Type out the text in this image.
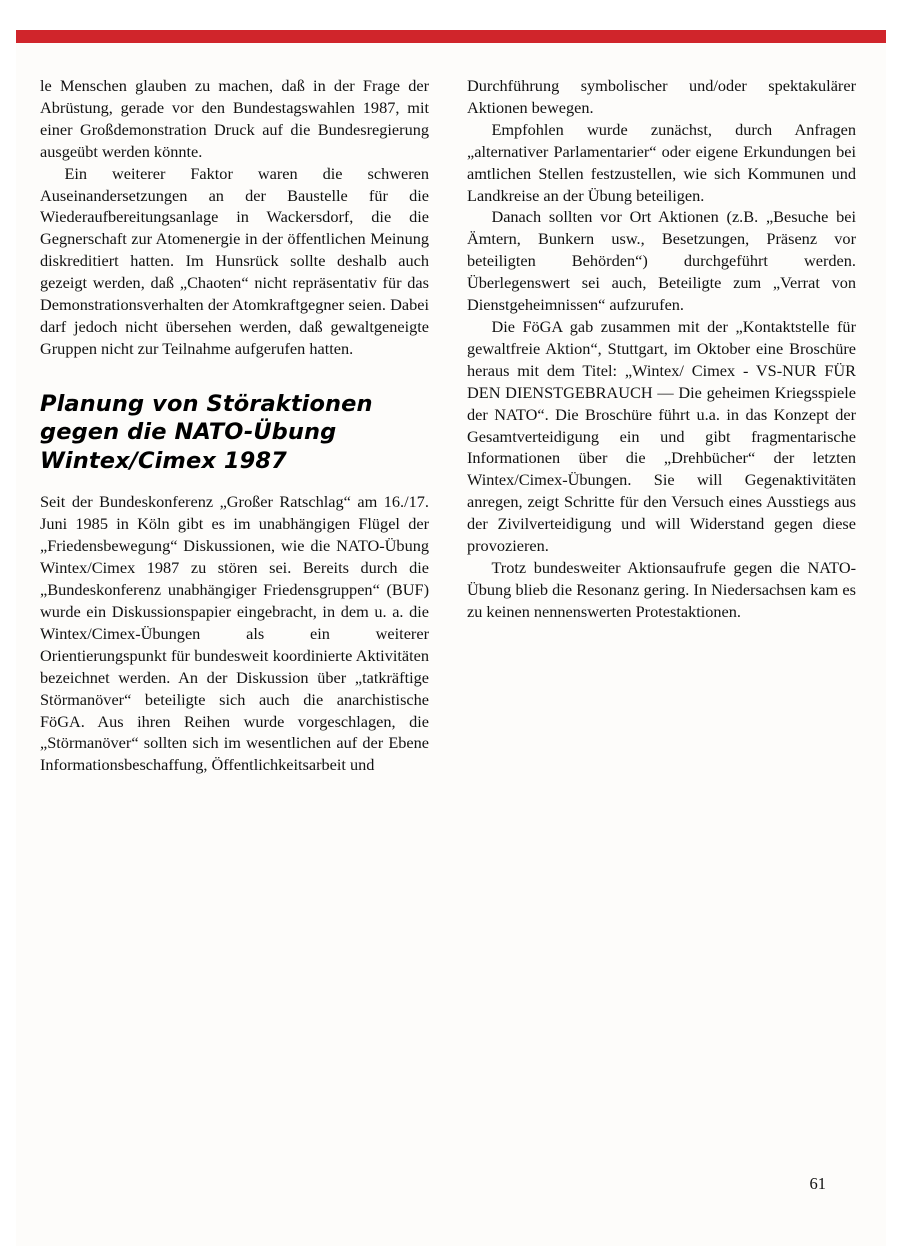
le Menschen glauben zu machen, daß in der Frage der Abrüstung, gerade vor den Bundestagswahlen 1987, mit einer Großdemonstration Druck auf die Bundesregierung ausgeübt werden könnte.

Ein weiterer Faktor waren die schweren Auseinandersetzungen an der Baustelle für die Wiederaufbereitungsanlage in Wackersdorf, die die Gegnerschaft zur Atomenergie in der öffentlichen Meinung diskreditiert hatten. Im Hunsrück sollte deshalb auch gezeigt werden, daß „Chaoten“ nicht repräsentativ für das Demonstrationsverhalten der Atomkraftgegner seien. Dabei darf jedoch nicht übersehen werden, daß gewaltgeneigte Gruppen nicht zur Teilnahme aufgerufen hatten.

Planung von Störaktionen gegen die NATO-Übung Wintex/Cimex 1987

Seit der Bundeskonferenz „Großer Ratschlag“ am 16./17. Juni 1985 in Köln gibt es im unabhängigen Flügel der „Friedensbewegung“ Diskussionen, wie die NATO-Übung Wintex/Cimex 1987 zu stören sei. Bereits durch die „Bundeskonferenz unabhängiger Friedensgruppen“ (BUF) wurde ein Diskussionspapier eingebracht, in dem u. a. die Wintex/Cimex-Übungen als ein weiterer Orientierungspunkt für bundesweit koordinierte Aktivitäten bezeichnet werden. An der Diskussion über „tatkräftige Störmanöver“ beteiligte sich auch die anarchistische FöGA. Aus ihren Reihen wurde vorgeschlagen, die „Störmanöver“ sollten sich im wesentlichen auf der Ebene Informationsbeschaffung, Öffentlichkeitsarbeit und

Durchführung symbolischer und/oder spektakulärer Aktionen bewegen.

Empfohlen wurde zunächst, durch Anfragen „alternativer Parlamentarier“ oder eigene Erkundungen bei amtlichen Stellen festzustellen, wie sich Kommunen und Landkreise an der Übung beteiligen.

Danach sollten vor Ort Aktionen (z.B. „Besuche bei Ämtern, Bunkern usw., Besetzungen, Präsenz vor beteiligten Behörden“) durchgeführt werden. Überlegenswert sei auch, Beteiligte zum „Verrat von Dienstgeheimnissen“ aufzurufen.

Die FöGA gab zusammen mit der „Kontaktstelle für gewaltfreie Aktion“, Stuttgart, im Oktober eine Broschüre heraus mit dem Titel: „Wintex/ Cimex - VS-NUR FÜR DEN DIENSTGEBRAUCH — Die geheimen Kriegsspiele der NATO“. Die Broschüre führt u.a. in das Konzept der Gesamtverteidigung ein und gibt fragmentarische Informationen über die „Drehbücher“ der letzten Wintex/Cimex-Übungen. Sie will Gegenaktivitäten anregen, zeigt Schritte für den Versuch eines Ausstiegs aus der Zivilverteidigung und will Widerstand gegen diese provozieren.

Trotz bundesweiter Aktionsaufrufe gegen die NATO-Übung blieb die Resonanz gering. In Niedersachsen kam es zu keinen nennenswerten Protestaktionen.

61
